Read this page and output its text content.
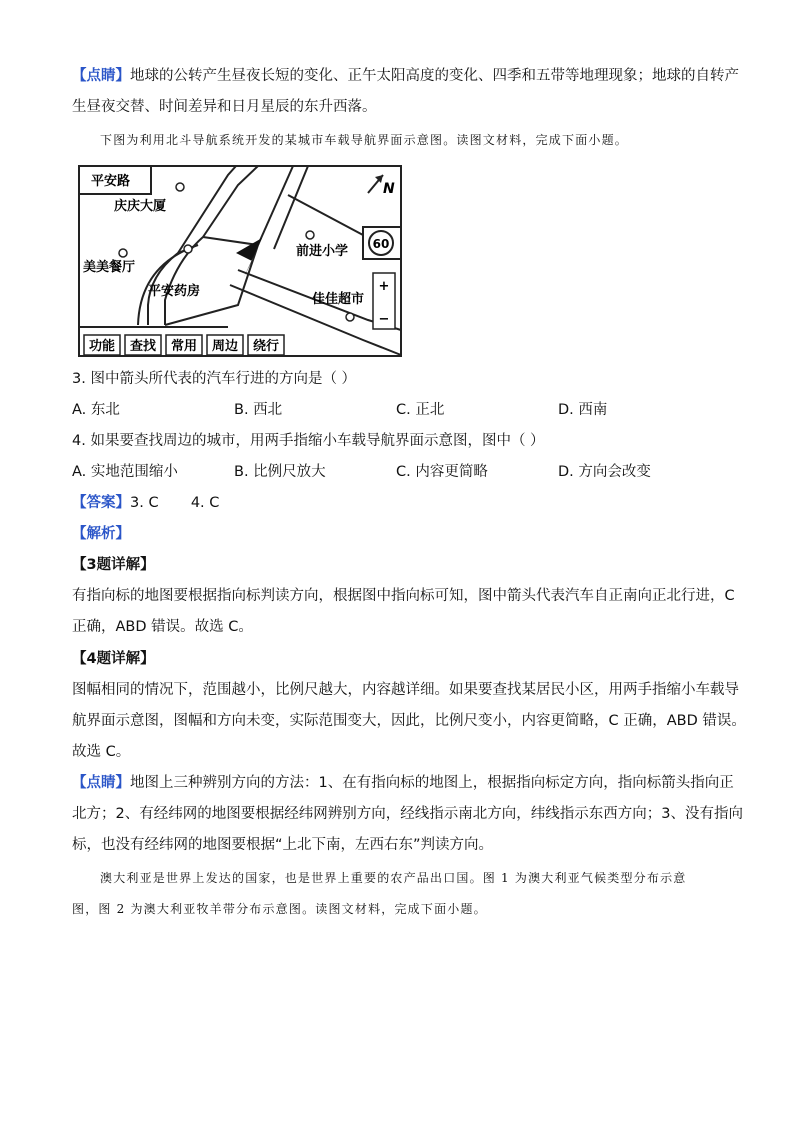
【点睛】地球的公转产生昼夜长短的变化、正午太阳高度的变化、四季和五带等地理现象；地球的自转产
生昼夜交替、时间差异和日月星辰的东升西落。
下图为利用北斗导航系统开发的某城市车载导航界面示意图。读图文材料，完成下面小题。
平安路
庆庆大厦
美美餐厅
平安药房
前进小学
佳佳超市
N
60
+
−
功能 查找 常用 周边 绕行
3. 图中箭头所代表的汽车行进的方向是（ ）
A. 东北	B. 西北	C. 正北	D. 西南
4. 如果要查找周边的城市，用两手指缩小车载导航界面示意图，图中（ ）
A. 实地范围缩小	B. 比例尺放大	C. 内容更简略	D. 方向会改变
【答案】3. C       4. C
【解析】
【3题详解】
有指向标的地图要根据指向标判读方向，根据图中指向标可知，图中箭头代表汽车自正南向正北行进，C
正确，ABD 错误。故选 C。
【4题详解】
图幅相同的情况下，范围越小，比例尺越大，内容越详细。如果要查找某居民小区，用两手指缩小车载导
航界面示意图，图幅和方向未变，实际范围变大，因此，比例尺变小，内容更简略，C 正确，ABD 错误。
故选 C。
【点睛】地图上三种辨别方向的方法：1、在有指向标的地图上，根据指向标定方向，指向标箭头指向正
北方；2、有经纬网的地图要根据经纬网辨别方向，经线指示南北方向，纬线指示东西方向；3、没有指向
标，也没有经纬网的地图要根据“上北下南，左西右东”判读方向。
澳大利亚是世界上发达的国家，也是世界上重要的农产品出口国。图 1 为澳大利亚气候类型分布示意
图，图 2 为澳大利亚牧羊带分布示意图。读图文材料，完成下面小题。
